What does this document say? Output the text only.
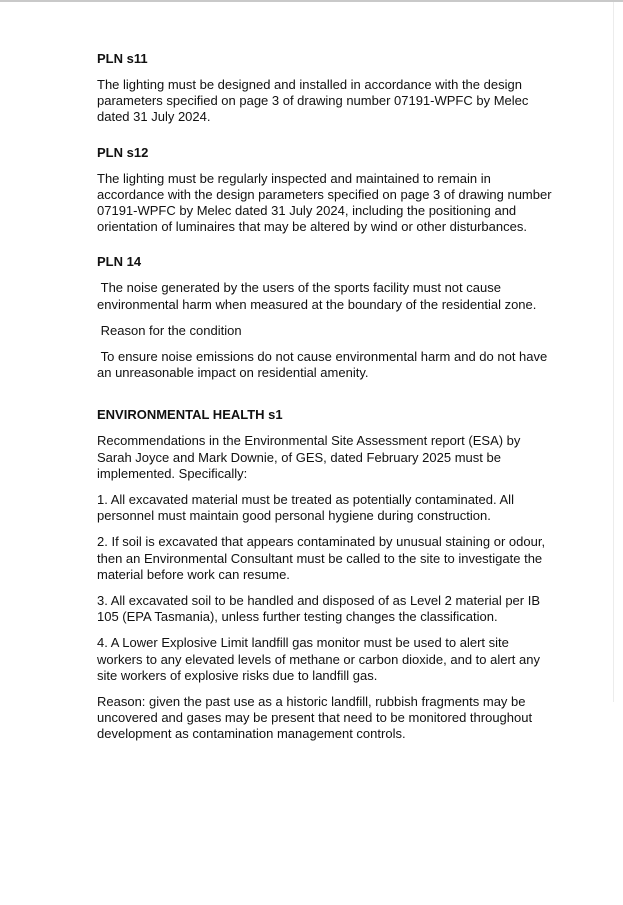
PLN s11

The lighting must be designed and installed in accordance with the design parameters specified on page 3 of drawing number 07191-WPFC by Melec dated 31 July 2024.

PLN s12

The lighting must be regularly inspected and maintained to remain in accordance with the design parameters specified on page 3 of drawing number 07191-WPFC by Melec dated 31 July 2024, including the positioning and orientation of luminaires that may be altered by wind or other disturbances.

PLN 14

The noise generated by the users of the sports facility must not cause environmental harm when measured at the boundary of the residential zone.

Reason for the condition

To ensure noise emissions do not cause environmental harm and do not have an unreasonable impact on residential amenity.

ENVIRONMENTAL HEALTH s1

Recommendations in the Environmental Site Assessment report (ESA) by Sarah Joyce and Mark Downie, of GES, dated February 2025 must be implemented. Specifically:

1. All excavated material must be treated as potentially contaminated. All personnel must maintain good personal hygiene during construction.

2. If soil is excavated that appears contaminated by unusual staining or odour, then an Environmental Consultant must be called to the site to investigate the material before work can resume.

3. All excavated soil to be handled and disposed of as Level 2 material per IB 105 (EPA Tasmania), unless further testing changes the classification.

4. A Lower Explosive Limit landfill gas monitor must be used to alert site workers to any elevated levels of methane or carbon dioxide, and to alert any site workers of explosive risks due to landfill gas.

Reason: given the past use as a historic landfill, rubbish fragments may be uncovered and gases may be present that need to be monitored throughout development as contamination management controls.
